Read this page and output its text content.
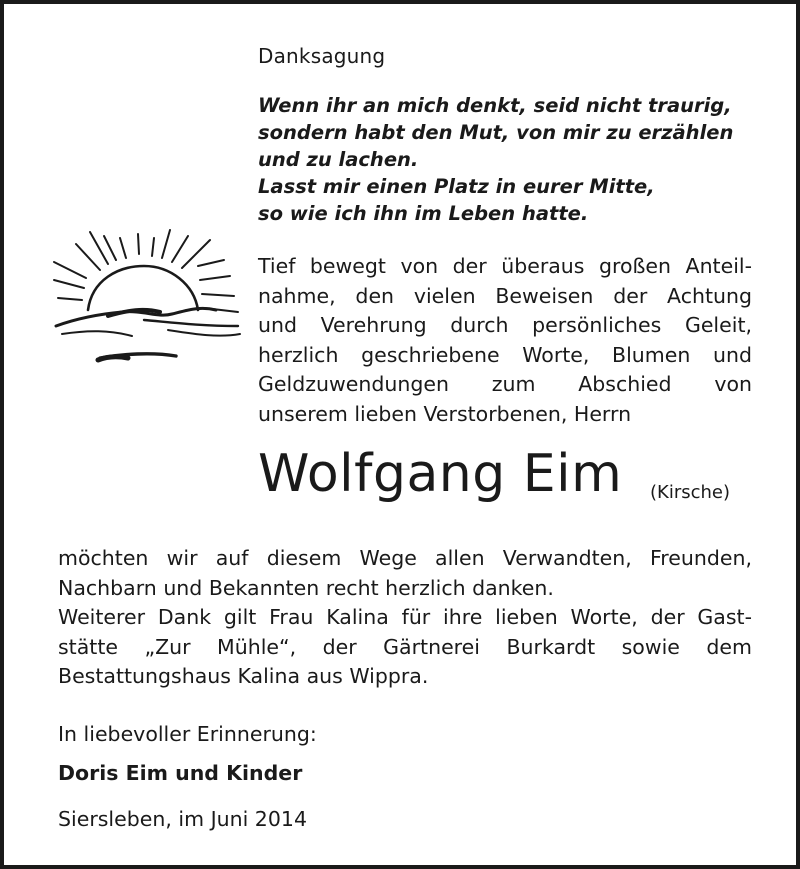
Danksagung

Wenn ihr an mich denkt, seid nicht traurig,
sondern habt den Mut, von mir zu erzählen
und zu lachen.
Lasst mir einen Platz in eurer Mitte,
so wie ich ihn im Leben hatte.

Tief bewegt von der überaus großen Anteil-
nahme, den vielen Beweisen der Achtung
und Verehrung durch persönliches Geleit,
herzlich geschriebene Worte, Blumen und
Geldzuwendungen zum Abschied von
unserem lieben Verstorbenen, Herrn

Wolfgang Eim (Kirsche)

möchten wir auf diesem Wege allen Verwandten, Freunden,
Nachbarn und Bekannten recht herzlich danken.
Weiterer Dank gilt Frau Kalina für ihre lieben Worte, der Gast-
stätte „Zur Mühle“, der Gärtnerei Burkardt sowie dem
Bestattungshaus Kalina aus Wippra.

In liebevoller Erinnerung:
Doris Eim und Kinder
Siersleben, im Juni 2014
